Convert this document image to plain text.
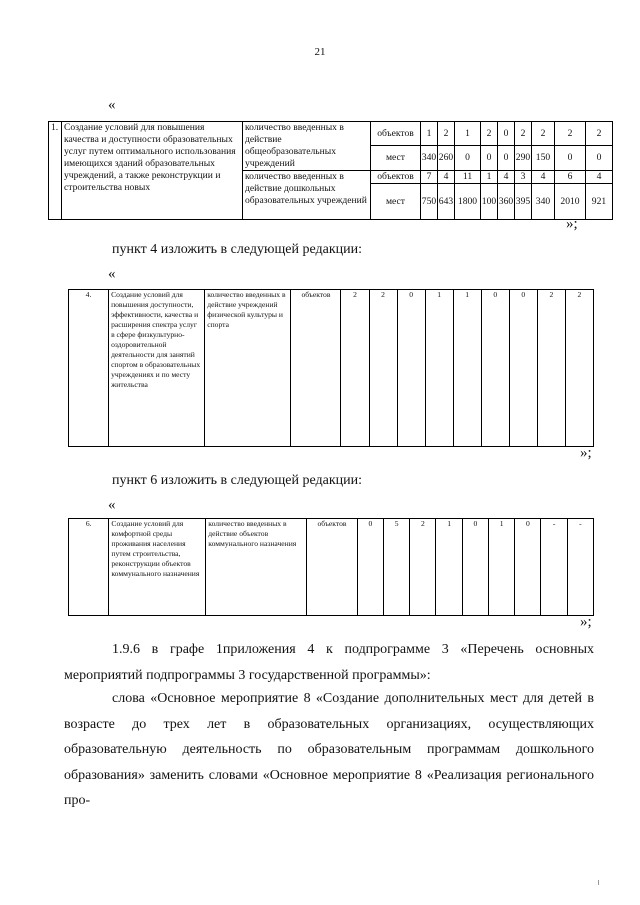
21
«
1.	Создание условий для повышения качества и доступности образовательных услуг путем оптимального использования имеющихся зданий образовательных учреждений, а также реконструкции и строительства новых	количество введенных в действие общеобразовательных учреждений	объектов	1	2	1	2	0	2	2	2	2
			мест	340	260	0	0	0	290	150	0	0
		количество введенных в действие дошкольных образовательных учреждений	объектов	7	4	11	1	4	3	4	6	4
			мест	750	643	1800	100	360	395	340	2010	921
»;
пункт 4 изложить в следующей редакции:
«
4.	Создание условий для повышения доступности, эффективности, качества и расширения спектра услуг в сфере физкультурно-оздоровительной деятельности для занятий спортом в образовательных учреждениях и по месту жительства	количество введенных в действие учреждений физической культуры и спорта	объектов	2	2	0	1	1	0	0	2	2
»;
пункт 6 изложить в следующей редакции:
«
6.	Создание условий для комфортной среды проживания населения путем строительства, реконструкции объектов коммунального назначения	количество введенных в действие объектов коммунального назначения	объектов	0	5	2	1	0	1	0	-	-
»;
1.9.6 в графе 1приложения 4 к подпрограмме 3 «Перечень основных мероприятий подпрограммы 3 государственной программы»:
слова «Основное мероприятие 8 «Создание дополнительных мест для детей в возрасте до трех лет в образовательных организациях, осуществляющих образовательную деятельность по образовательным программам дошкольного образования» заменить словами «Основное мероприятие 8 «Реализация регионального про-
